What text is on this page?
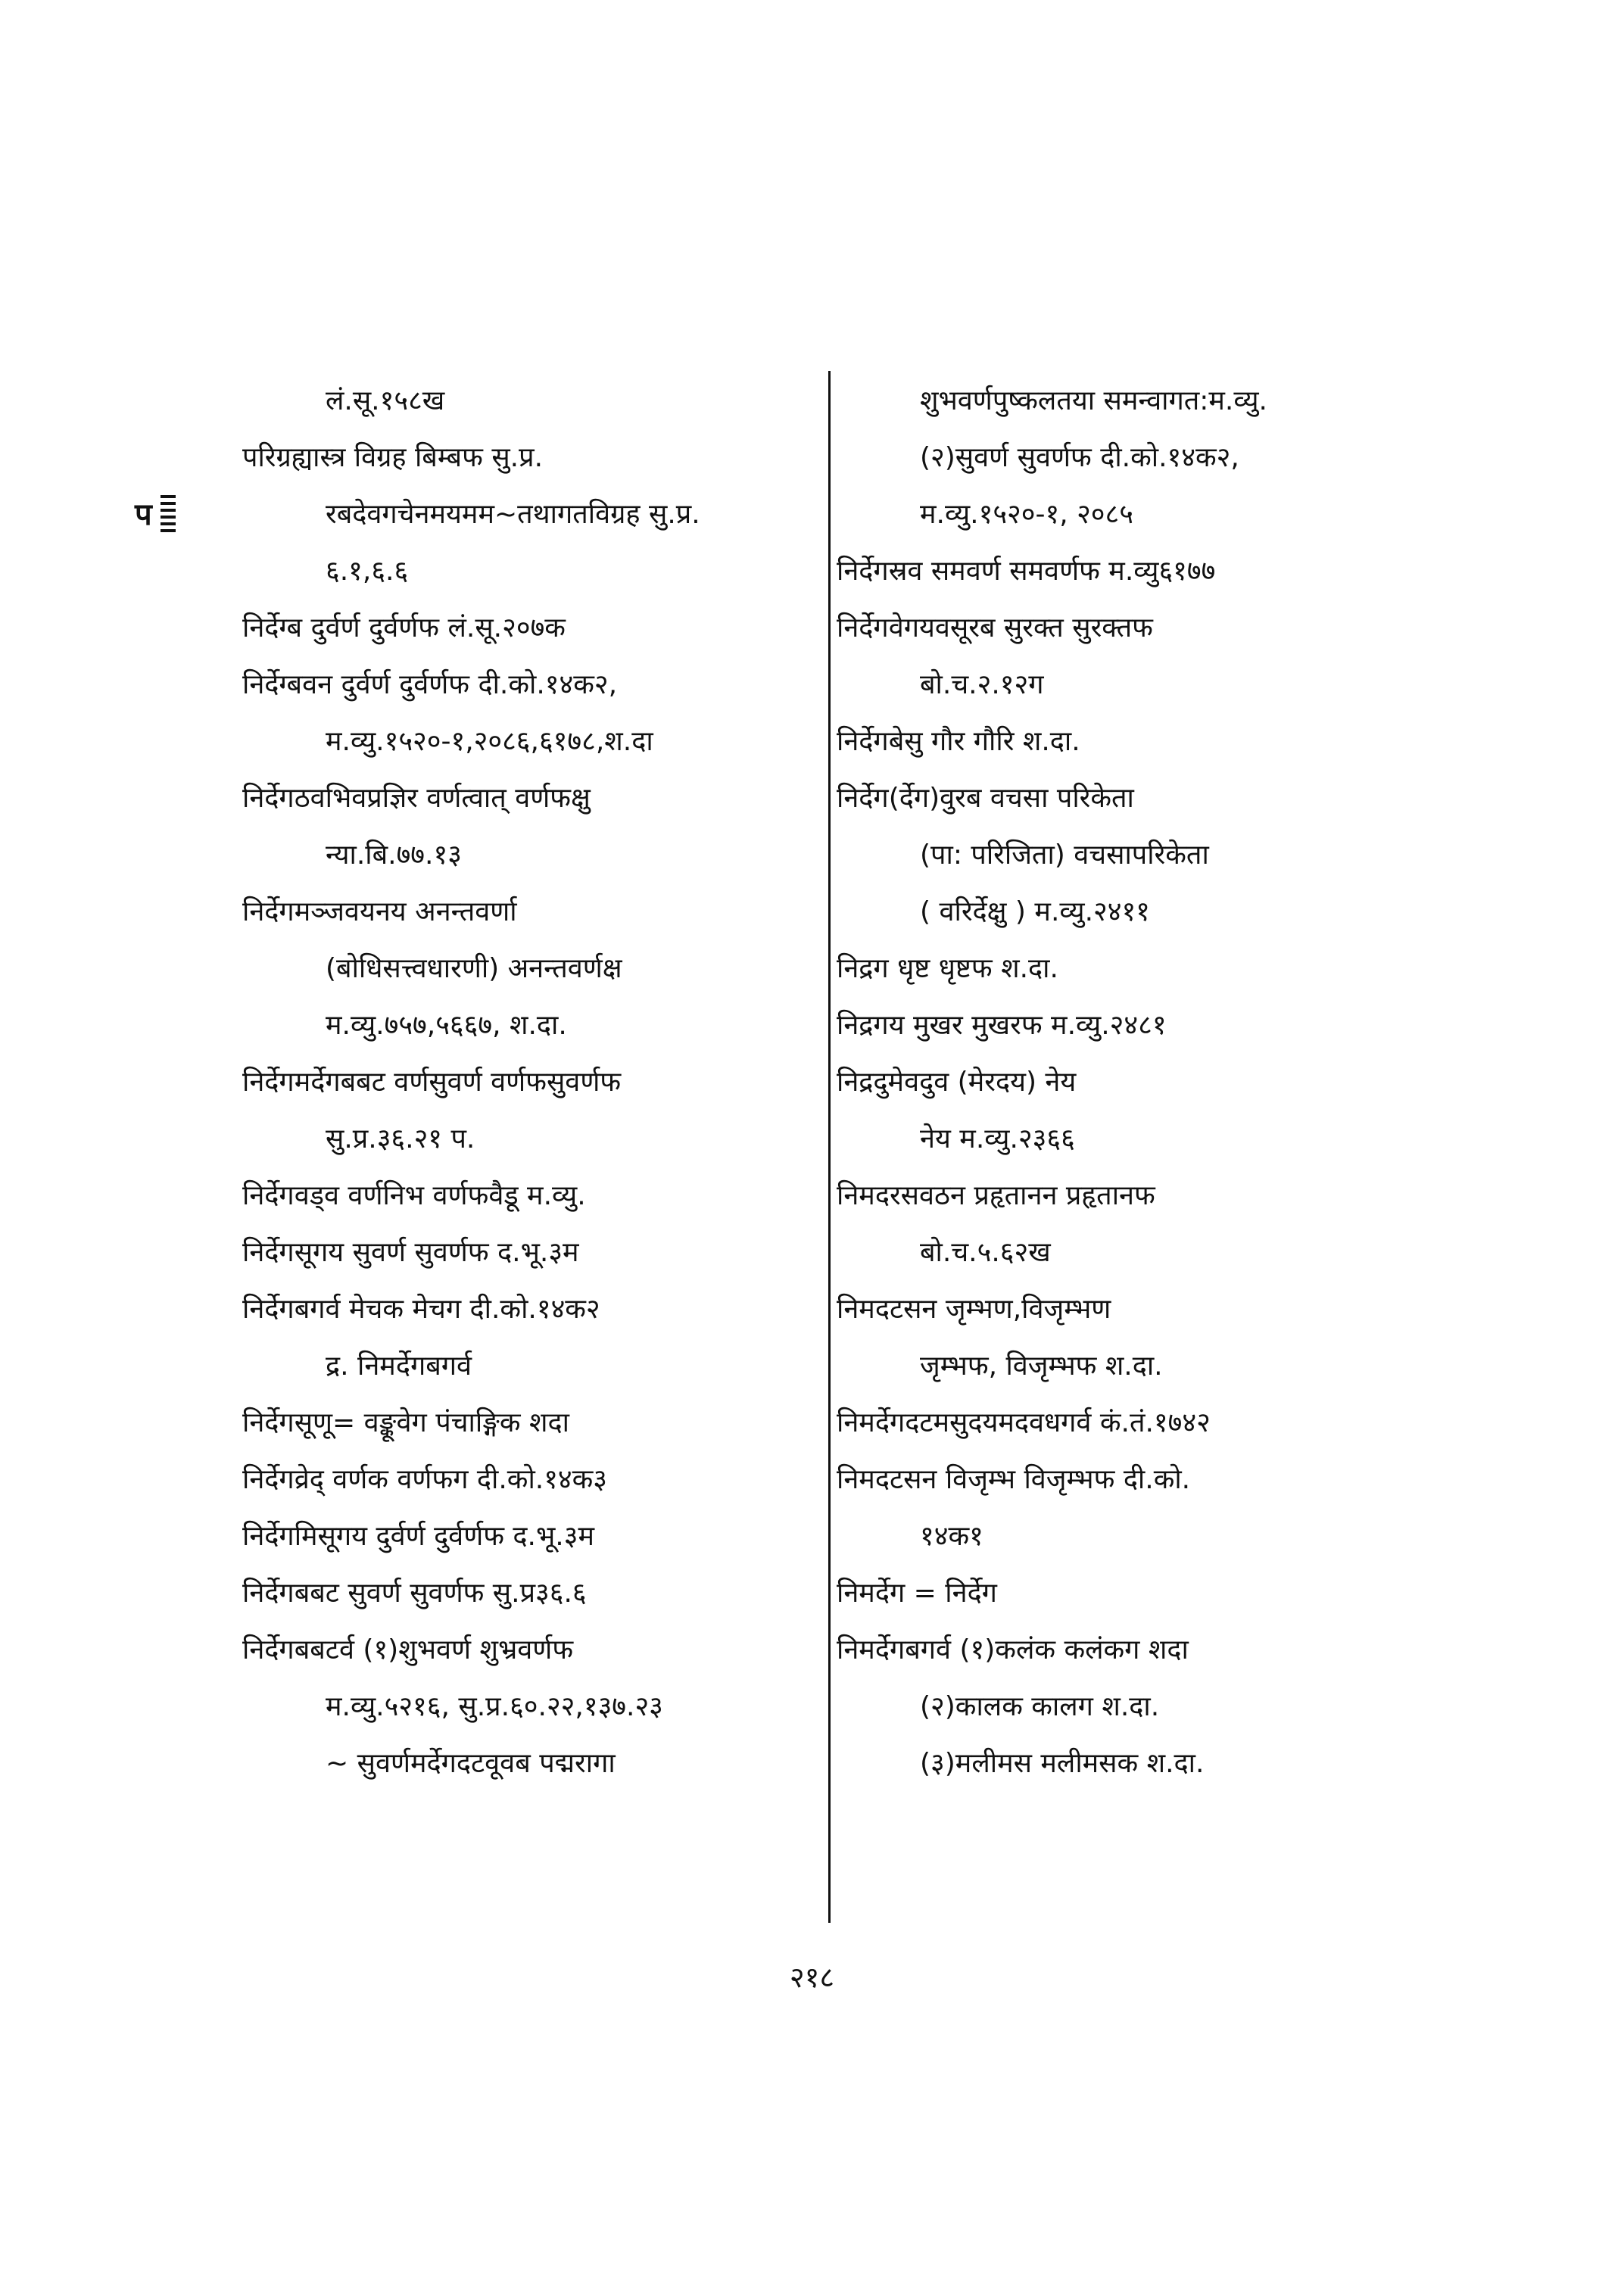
प
लं.सू.१५८ख
परिग्रह्यास्त्र विग्रह बिम्बफ सु.प्र.
रबदेवगचेनमयमम~तथागतविग्रह सु.प्र.
६.१,६.६
निर्देग्ब दुर्वर्ण दुर्वर्णफ लं.सू.२०७क
निर्देग्बवन दुर्वर्ण दुर्वर्णफ दी.को.१४क२,
म.व्यु.१५२०-१,२०८६,६१७८,श.दा
निर्देगठवभिवप्रज्ञिर वर्णत्वात् वर्णफक्षु
न्या.बि.७७.१३
निर्देगमञ्जवयनय अनन्तवर्णा
(बोधिसत्त्वधारणी) अनन्तवर्णक्ष
म.व्यु.७५७,५६६७, श.दा.
निर्देगमर्देगबबट वर्णसुवर्ण वर्णफसुवर्णफ
सु.प्र.३६.२१ प.
निर्देगवड्व वर्णनिभ वर्णफवैडू म.व्यु.
निर्देगसूगय सुवर्ण सुवर्णफ द.भू.३म
निर्देगबगर्व मेचक मेचग दी.को.१४क२
द्र. निमर्देगबगर्व
निर्देगसूणू= वङ्कूवेग पंचाङ्गिक शदा
निर्देगव्रेद् वर्णक वर्णफग दी.को.१४क३
निर्देगमिसूगय दुर्वर्ण दुर्वर्णफ द.भू.३म
निर्देगबबट सुवर्ण सुवर्णफ सु.प्र३६.६
निर्देगबबटर्व (१)शुभवर्ण शुभ्रवर्णफ
म.व्यु.५२१६, सु.प्र.६०.२२,१३७.२३
~ सुवर्णमर्देगदटवूवब पद्मरागा
शुभवर्णपुष्कलतया समन्वागत:म.व्यु.
(२)सुवर्ण सुवर्णफ दी.को.१४क२,
म.व्यु.१५२०-१, २०८५
निर्देगस्रव समवर्ण समवर्णफ म.व्यु६१७७
निर्देगवेगयवसूरब सुरक्त सुरक्तफ
बो.च.२.१२ग
निर्देगबेसु गौर गौरि श.दा.
निर्देग(र्देग)वुरब वचसा परिकेता
(पा: परिजिता) वचसापरिकेता
( वरिर्देक्षु ) म.व्यु.२४११
निद्रग धृष्ट धृष्टफ श.दा.
निद्रगय मुखर मुखरफ म.व्यु.२४८१
निद्रदुमेवदुव (मेरदय) नेय
नेय म.व्यु.२३६६
निमदरसवठन प्रहृतानन प्रहृतानफ
बो.च.५.६२ख
निमदटसन जृम्भण,विजृम्भण
जृम्भफ, विजृम्भफ श.दा.
निमर्देगदटमसुदयमदवधगर्व कं.तं.१७४२
निमदटसन विजृम्भ विजृम्भफ दी.को.
१४क१
निमर्देग = निर्देग
निमर्देगबगर्व (१)कलंक कलंकग शदा
(२)कालक कालग श.दा.
(३)मलीमस मलीमसक श.दा.
२१८
